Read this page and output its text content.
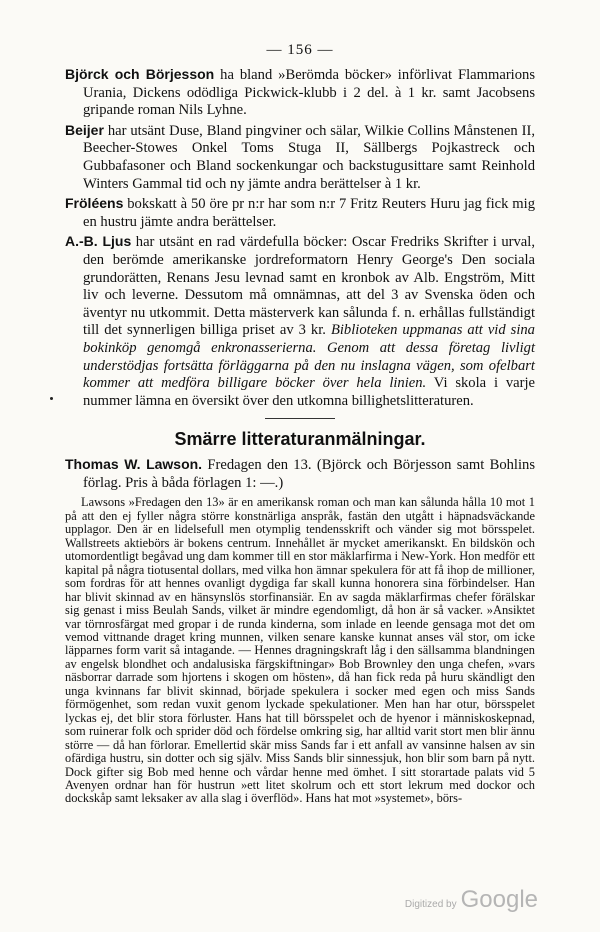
— 156 —

Björck och Börjesson ha bland »Berömda böcker» införlivat Flammarions Urania, Dickens odödliga Pickwick-klubb i 2 del. à 1 kr. samt Jacobsens gripande roman Nils Lyhne.

Beijer har utsänt Duse, Bland pingviner och sälar, Wilkie Collins Månstenen II, Beecher-Stowes Onkel Toms Stuga II, Sällbergs Pojkastreck och Gubbafasoner och Bland sockenkungar och backstugusittare samt Reinhold Winters Gammal tid och ny jämte andra berättelser à 1 kr.

Fröléens bokskatt à 50 öre pr n:r har som n:r 7 Fritz Reuters Huru jag fick mig en hustru jämte andra berättelser.

A.-B. Ljus har utsänt en rad värdefulla böcker: Oscar Fredriks Skrifter i urval, den berömde amerikanske jordreformatorn Henry George's Den sociala grundorätten, Renans Jesu levnad samt en kronbok av Alb. Engström, Mitt liv och leverne. Dessutom må omnämnas, att del 3 av Svenska öden och äventyr nu utkommit. Detta mästerverk kan sålunda f. n. erhållas fullständigt till det synnerligen billiga priset av 3 kr. Biblioteken uppmanas att vid sina bokinköp genomgå enkronasserierna. Genom att dessa företag livligt understödjas fortsätta förläggarna på den nu inslagna vägen, som ofelbart kommer att medföra billigare böcker över hela linien. Vi skola i varje nummer lämna en översikt över den utkomna billighetslitteraturen.

Smärre litteraturanmälningar.

Thomas W. Lawson. Fredagen den 13. (Björck och Börjesson samt Bohlins förlag. Pris à båda förlagen 1: —.)

Lawsons »Fredagen den 13» är en amerikansk roman och man kan sålunda hålla 10 mot 1 på att den ej fyller några större konstnärliga anspråk, fastän den utgått i häpnadsväckande upplagor. Den är en lidelsefull men otymplig tendensskrift och vänder sig mot börsspelet. Wallstreets aktiebörs är bokens centrum. Innehållet är mycket amerikanskt. En bildskön och utomordentligt begåvad ung dam kommer till en stor mäklarfirma i New-York. Hon medför ett kapital på några tiotusental dollars, med vilka hon ämnar spekulera för att få ihop de millioner, som fordras för att hennes ovanligt dygdiga far skall kunna honorera sina förbindelser. Han har blivit skinnad av en hänsynslös storfinansiär. En av sagda mäklarfirmas chefer förälskar sig genast i miss Beulah Sands, vilket är mindre egendomligt, då hon är så vacker. »Ansiktet var törnrosfärgat med gropar i de runda kinderna, som inlade en leende gensaga mot det om vemod vittnande draget kring munnen, vilken senare kanske kunnat anses väl stor, om icke läpparnes form varit så intagande. — Hennes dragningskraft låg i den sällsamma blandningen av engelsk blondhet och andalusiska färgskiftningar» Bob Brownley den unga chefen, »vars näsborrar darrade som hjortens i skogen om hösten», då han fick reda på huru skändligt den unga kvinnans far blivit skinnad, började spekulera i socker med egen och miss Sands förmögenhet, som redan vuxit genom lyckade spekulationer. Men han har otur, börsspelet lyckas ej, det blir stora förluster. Hans hat till börsspelet och de hyenor i människoskepnad, som ruinerar folk och sprider död och fördelse omkring sig, har alltid varit stort men blir ännu större — då han förlorar. Emellertid skär miss Sands far i ett anfall av vansinne halsen av sin ofärdiga hustru, sin dotter och sig själv. Miss Sands blir sinnessjuk, hon blir som barn på nytt. Dock gifter sig Bob med henne och vårdar henne med ömhet. I sitt storartade palats vid 5 Avenyen ordnar han för hustrun »ett litet skolrum och ett stort lekrum med dockor och dockskåp samt leksaker av alla slag i överflöd». Hans hat mot »systemet», börs-

Digitized by Google
